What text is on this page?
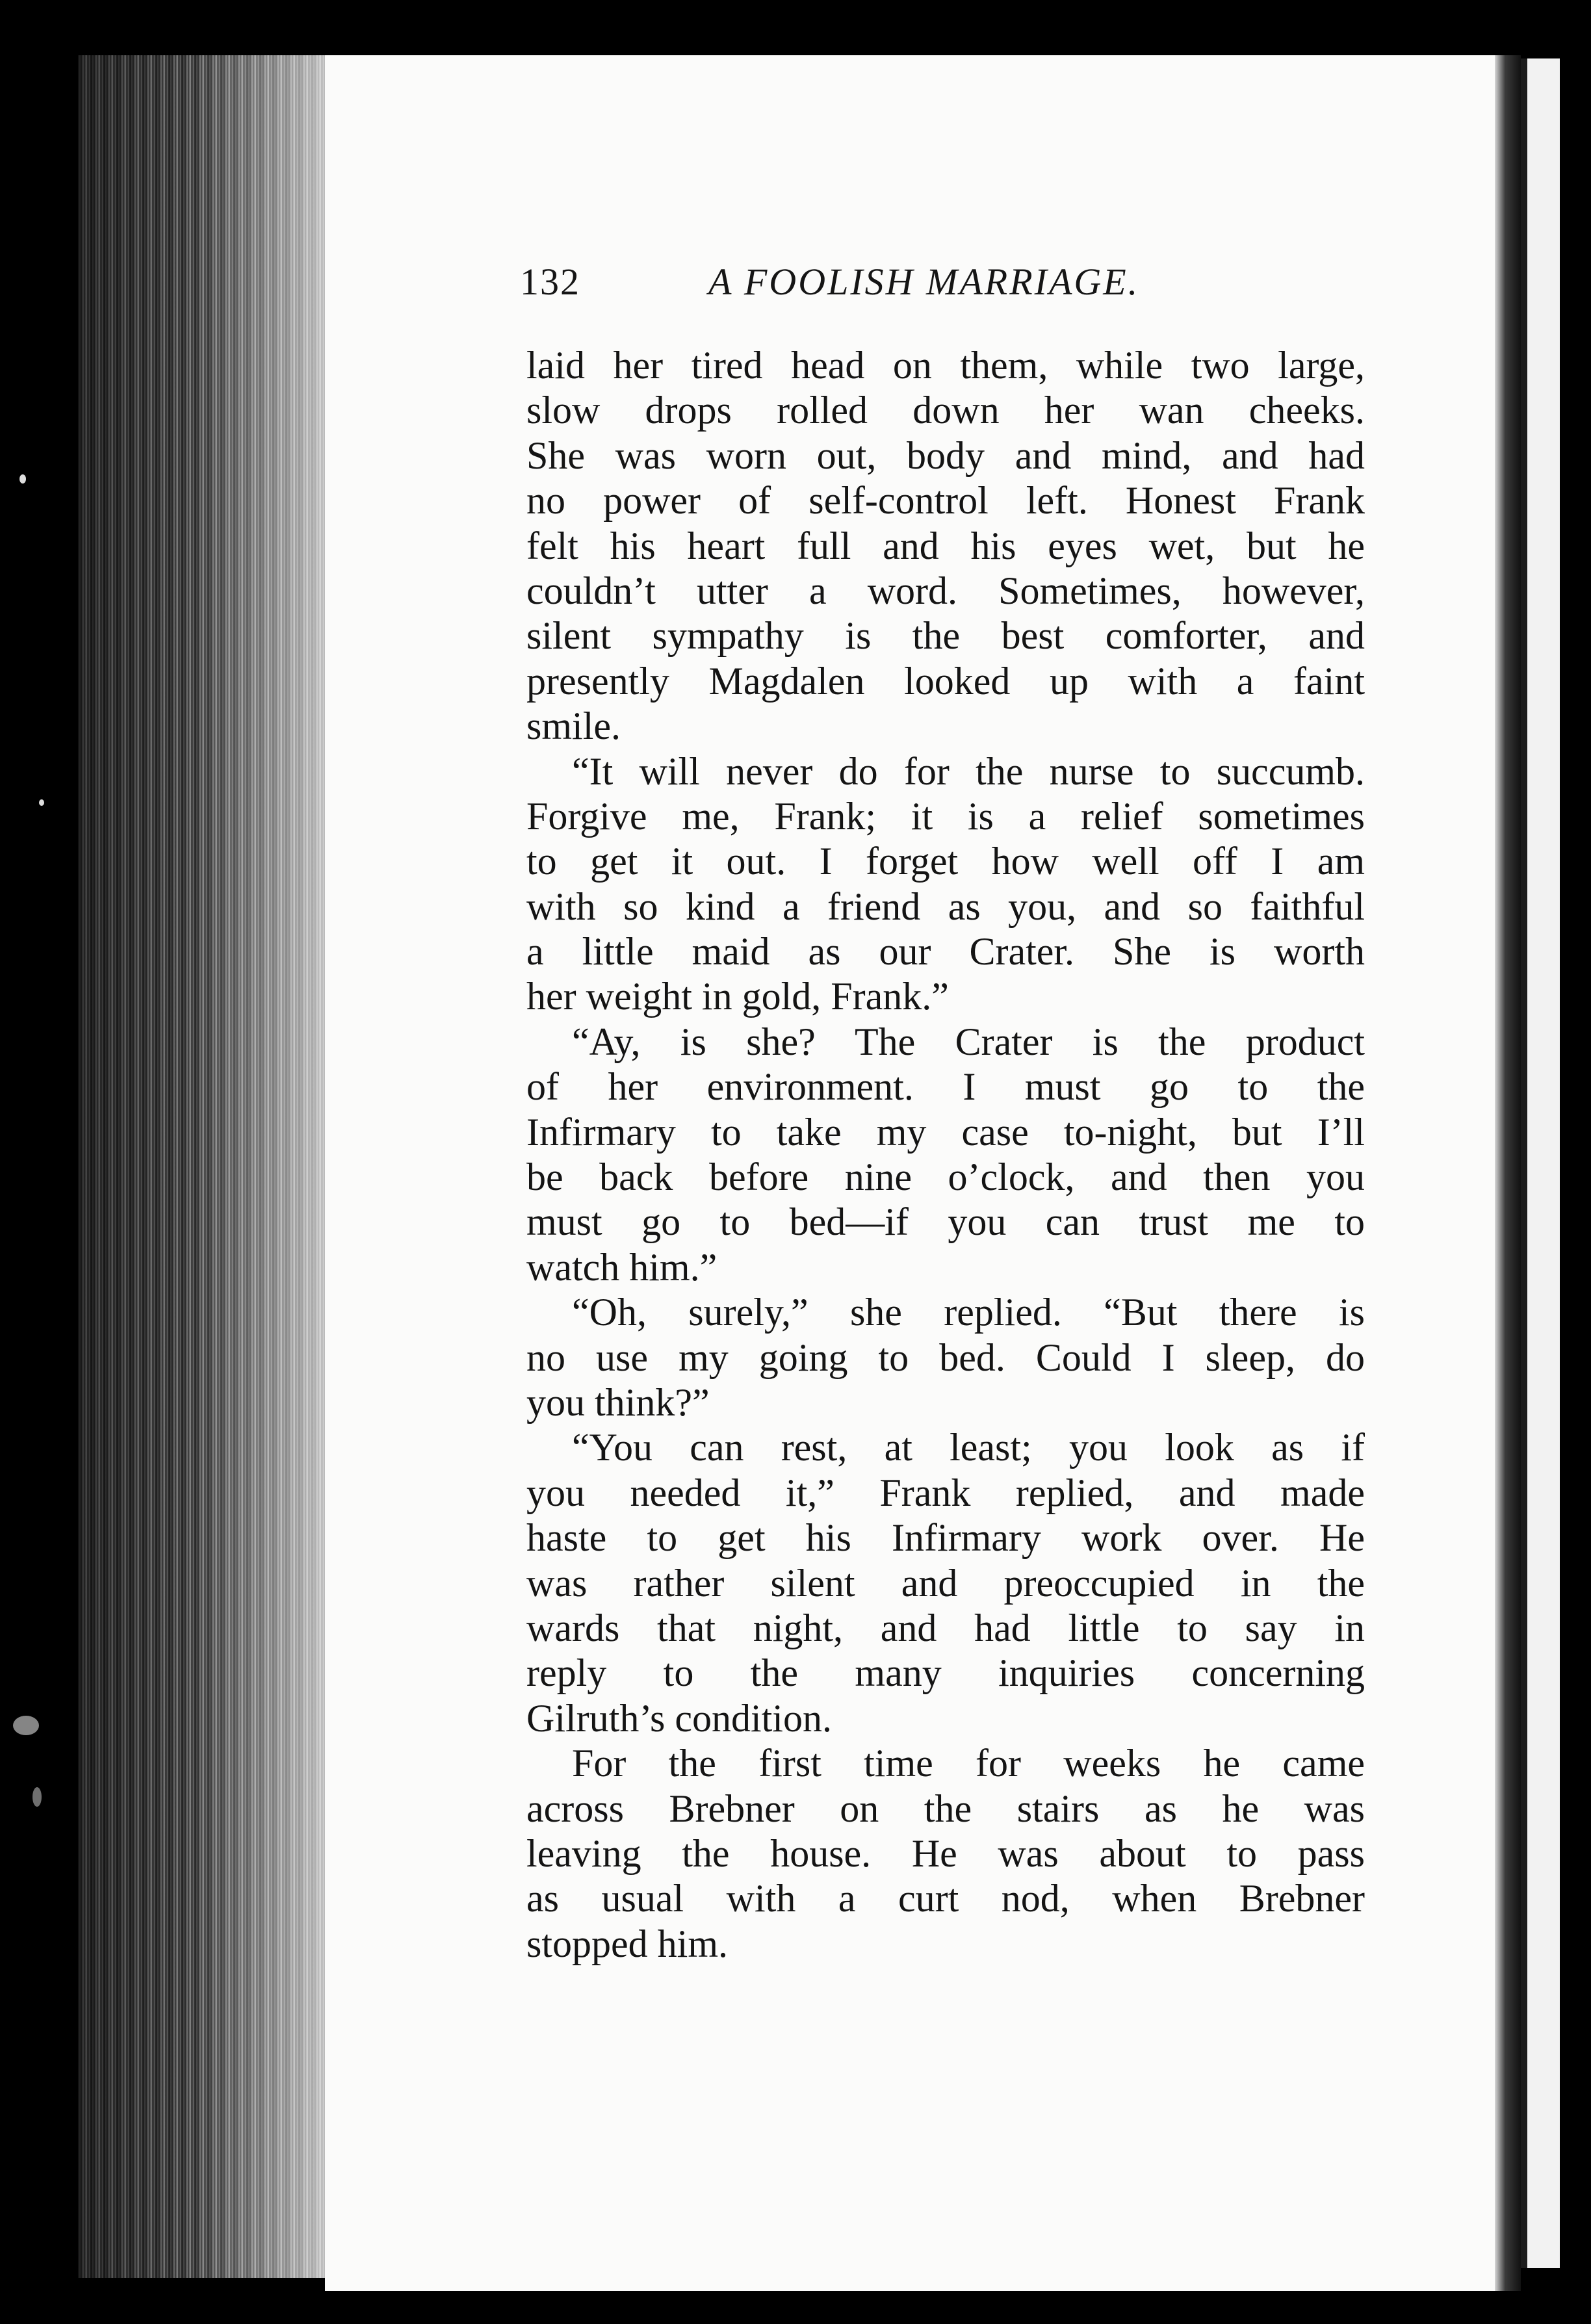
132	A FOOLISH MARRIAGE.
laid her tired head on them, while two large,
slow drops rolled down her wan cheeks.
She was worn out, body and mind, and had
no power of self-control left. Honest Frank
felt his heart full and his eyes wet, but he
couldn’t utter a word. Sometimes, however,
silent sympathy is the best comforter, and
presently Magdalen looked up with a faint
smile.
“It will never do for the nurse to succumb.
Forgive me, Frank; it is a relief sometimes
to get it out. I forget how well off I am
with so kind a friend as you, and so faithful
a little maid as our Crater. She is worth
her weight in gold, Frank.”
“Ay, is she? The Crater is the product
of her environment. I must go to the
Infirmary to take my case to-night, but I’ll
be back before nine o’clock, and then you
must go to bed—if you can trust me to
watch him.”
“Oh, surely,” she replied. “But there is
no use my going to bed. Could I sleep, do
you think?”
“You can rest, at least; you look as if
you needed it,” Frank replied, and made
haste to get his Infirmary work over. He
was rather silent and preoccupied in the
wards that night, and had little to say in
reply to the many inquiries concerning
Gilruth’s condition.
For the first time for weeks he came
across Brebner on the stairs as he was
leaving the house. He was about to pass
as usual with a curt nod, when Brebner
stopped him.
